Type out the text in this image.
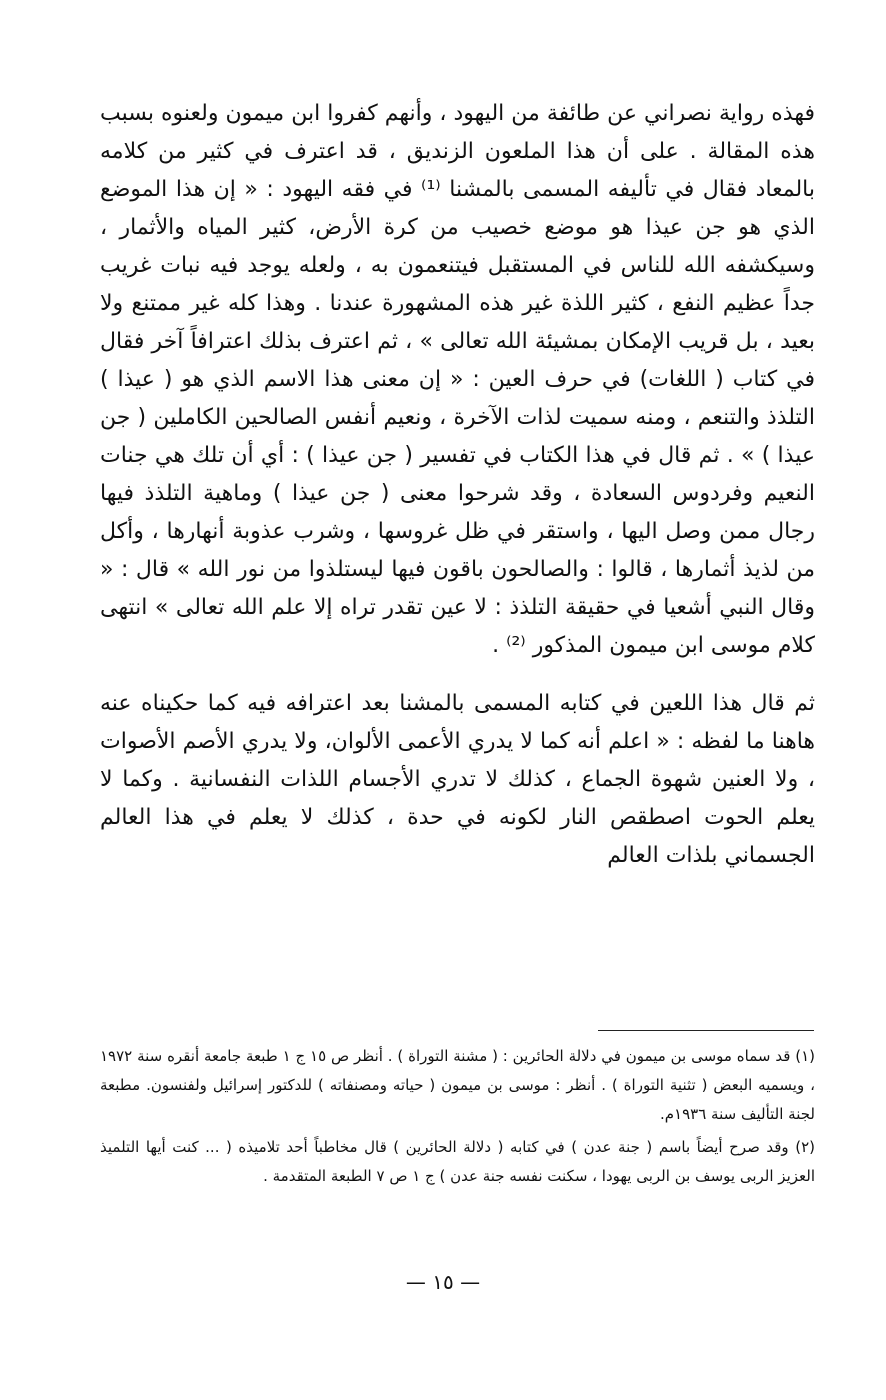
فهذه رواية نصراني عن طائفة من اليهود ، وأنهم كفروا ابن ميمون ولعنوه بسبب هذه المقالة . على أن هذا الملعون الزنديق ، قد اعترف في كثير من كلامه بالمعاد فقال في تأليفه المسمى بالمشنا ⁽¹⁾ في فقه اليهود : « إن هذا الموضع الذي هو جن عيذا هو موضع خصيب من كرة الأرض، كثير المياه والأثمار ، وسيكشفه الله للناس في المستقبل فيتنعمون به ، ولعله يوجد فيه نبات غريب جداً عظيم النفع ، كثير اللذة غير هذه المشهورة عندنا . وهذا كله غير ممتنع ولا بعيد ، بل قريب الإمكان بمشيئة الله تعالى » ، ثم اعترف بذلك اعترافاً آخر فقال في كتاب ( اللغات) في حرف العين : « إن معنى هذا الاسم الذي هو ( عيذا ) التلذذ والتنعم ، ومنه سميت لذات الآخرة ، ونعيم أنفس الصالحين الكاملين ( جن عيذا ) » . ثم قال في هذا الكتاب في تفسير ( جن عيذا ) : أي أن تلك هي جنات النعيم وفردوس السعادة ، وقد شرحوا معنى ( جن عيذا ) وماهية التلذذ فيها رجال ممن وصل اليها ، واستقر في ظل غروسها ، وشرب عذوبة أنهارها ، وأكل من لذيذ أثمارها ، قالوا : والصالحون باقون فيها ليستلذوا من نور الله » قال : « وقال النبي أشعيا في حقيقة التلذذ : لا عين تقدر تراه إلا علم الله تعالى » انتهى كلام موسى ابن ميمون المذكور ⁽²⁾ .

ثم قال هذا اللعين في كتابه المسمى بالمشنا بعد اعترافه فيه كما حكيناه عنه هاهنا ما لفظه : « اعلم أنه كما لا يدري الأعمى الألوان، ولا يدري الأصم الأصوات ، ولا العنين شهوة الجماع ، كذلك لا تدري الأجسام اللذات النفسانية . وكما لا يعلم الحوت اصطقص النار لكونه في حدة ، كذلك لا يعلم في هذا العالم الجسماني بلذات العالم

(١) قد سماه موسى بن ميمون في دلالة الحائرين : ( مشنة التوراة ) . أنظر ص ١٥ ج ١ طبعة جامعة أنقره سنة ١٩٧٢ ، ويسميه البعض ( تثنية التوراة ) . أنظر : موسى بن ميمون ( حياته ومصنفاته ) للدكتور إسرائيل ولفنسون. مطبعة لجنة التأليف سنة ١٩٣٦م.

(٢) وقد صرح أيضاً باسم ( جنة عدن ) في كتابه ( دلالة الحائرين ) قال مخاطباً أحد تلاميذه ( ... كنت أيها التلميذ العزيز الربى يوسف بن الربى يهودا ، سكنت نفسه جنة عدن ) ج ١ ص ٧ الطبعة المتقدمة .

— ١٥ —
